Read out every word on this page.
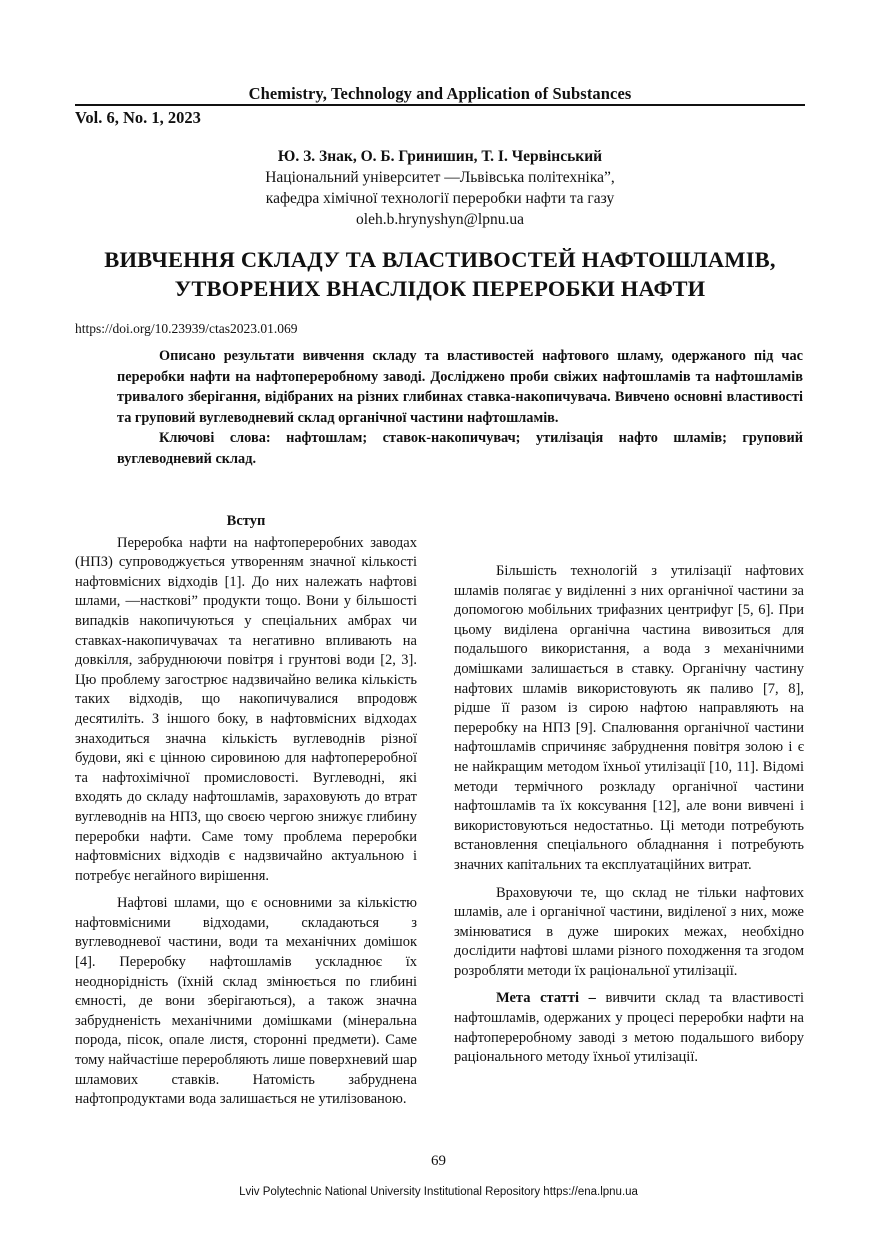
Chemistry, Technology and Application of Substances
Vol. 6, No. 1, 2023
Ю. З. Знак, О. Б. Гринишин, Т. І. Червінський
Національний університет ―Львівська політехніка”,
кафедра хімічної технології переробки нафти та газу
oleh.b.hrynyshyn@lpnu.ua
ВИВЧЕННЯ СКЛАДУ ТА ВЛАСТИВОСТЕЙ НАФТОШЛАМІВ,
УТВОРЕНИХ ВНАСЛІДОК ПЕРЕРОБКИ НАФТИ
https://doi.org/10.23939/ctas2023.01.069

Описано результати вивчення складу та властивостей нафтового шламу, одержаного під час переробки нафти на нафтопереробному заводі. Досліджено проби свіжих нафтошламів та нафтошламів тривалого зберігання, відібраних на різних глибинах ставка-накопичувача. Вивчено основні властивості та груповий вуглеводневий склад органічної частини нафтошламів.

Ключові слова: нафтошлам; ставок-накопичувач; утилізація нафто шламів; груповий вуглеводневий склад.

Вступ

Переробка нафти на нафтопереробних заводах (НПЗ) супроводжується утворенням значної кількості нафтовмісних відходів [1]. До них належать нафтові шлами, ―насткові” продукти тощо. Вони у більшості випадків накопичуються у спеціальних амбрах чи ставках-накопичувачах та негативно впливають на довкілля, забруднюючи повітря і грунтові води [2, 3]. Цю проблему загострює надзвичайно велика кількість таких відходів, що накопичувалися впродовж десятиліть. З іншого боку, в нафтовмісних відходах знаходиться значна кількість вуглеводнів різної будови, які є цінною сировиною для нафтопереробної та нафтохімічної промисловості. Вуглеводні, які входять до складу нафтошламів, зараховують до втрат вуглеводнів на НПЗ, що своєю чергою знижує глибину переробки нафти. Саме тому проблема переробки нафтовмісних відходів є надзвичайно актуальною і потребує негайного вирішення.

Нафтові шлами, що є основними за кількістю нафтовмісними відходами, складаються з вуглеводневої частини, води та механічних домішок [4]. Переробку нафтошламів ускладнює їх неоднорідність (їхній склад змінюється по глибині ємності, де вони зберігаються), а також значна забрудненість механічними домішками (мінеральна порода, пісок, опале листя, сторонні предмети). Саме тому найчастіше переробляють лише поверхневий шар шламових ставків. Натомість забруднена нафтопродуктами вода залишається не утилізованою.

Більшість технологій з утилізації нафтових шламів полягає у виділенні з них органічної частини за допомогою мобільних трифазних центрифуг [5, 6]. При цьому виділена органічна частина вивозиться для подальшого використання, а вода з механічними домішками залишається в ставку. Органічну частину нафтових шламів використовують як паливо [7, 8], рідше її разом із сирою нафтою направляють на переробку на НПЗ [9]. Спалювання органічної частини нафтошламів спричиняє забруднення повітря золою і є не найкращим методом їхньої утилізації [10, 11]. Відомі методи термічного розкладу органічної частини нафтошламів та їх коксування [12], але вони вивчені і використовуються недостатньо. Ці методи потребують встановлення спеціального обладнання і потребують значних капітальних та експлуатаційних витрат.

Враховуючи те, що склад не тільки нафтових шламів, але і органічної частини, виділеної з них, може змінюватися в дуже широких межах, необхідно дослідити нафтові шлами різного походження та згодом розробляти методи їх раціональної утилізації.

Мета статті – вивчити склад та властивості нафтошламів, одержаних у процесі переробки нафти на нафтопереробному заводі з метою подальшого вибору раціонального методу їхньої утилізації.

69
Lviv Polytechnic National University Institutional Repository https://ena.lpnu.ua
